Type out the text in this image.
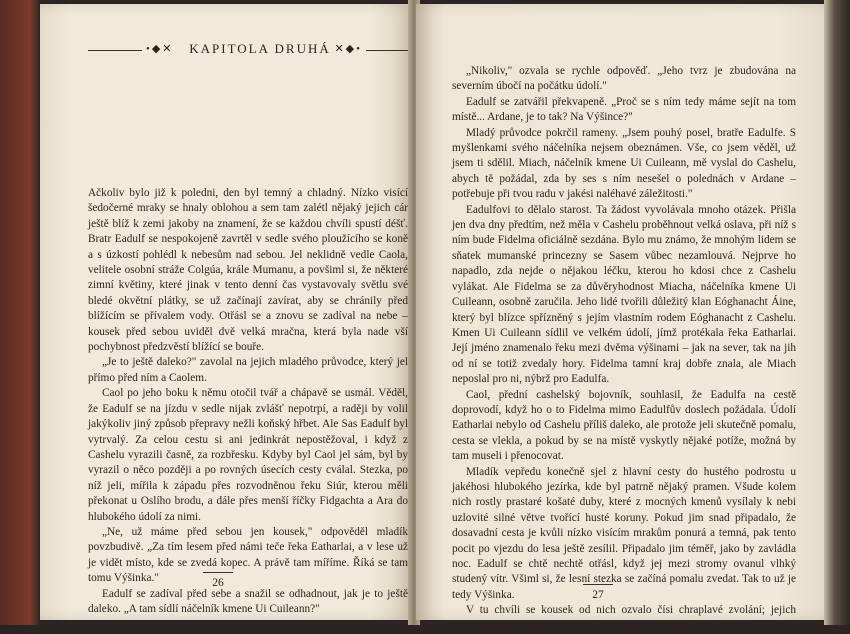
•◆✕	KAPITOLA DRUHÁ ✕◆•

Ačkoliv bylo již k poledni, den byl temný a chladný. Nízko visící šedočerné mraky se hnaly oblohou a sem tam zalétl nějaký jejich cár ještě blíž k zemi jakoby na znamení, že se každou chvíli spustí déšť. Bratr Eadulf se nespokojeně zavrtěl v sedle svého ploužícího se koně a s úzkostí pohlédl k nebesům nad sebou. Jel neklidně vedle Caola, velitele osobní stráže Colgúa, krále Mumanu, a povšiml si, že některé zimní květiny, které jinak v tento denní čas vystavovaly světlu své bledé okvětní plátky, se už začínají zavírat, aby se chránily před blížícím se přívalem vody. Otřásl se a znovu se zadíval na nebe – kousek před sebou uviděl dvě velká mračna, která byla nade vší pochybnost předzvěstí blížící se bouře.

„Je to ještě daleko?" zavolal na jejich mladého průvodce, který jel přímo před ním a Caolem.

Caol po jeho boku k němu otočil tvář a chápavě se usmál. Věděl, že Eadulf se na jízdu v sedle nijak zvlášť nepotrpí, a raději by volil jakýkoliv jiný způsob přepravy nežli koňský hřbet. Ale Sas Eadulf byl vytrvalý. Za celou cestu si ani jedinkrát nepostěžoval, i když z Cashelu vyrazili časně, za rozbřesku. Kdyby byl Caol jel sám, byl by vyrazil o něco později a po rovných úsecích cesty cválal. Stezka, po níž jeli, mířila k západu přes rozvodněnou řeku Siúr, kterou měli překonat u Oslího brodu, a dále přes menší říčky Fidgachta a Ara do hlubokého údolí za nimi.

„Ne, už máme před sebou jen kousek," odpověděl mladík povzbudivě. „Za tím lesem před námi teče řeka Eatharlai, a v lese už je vidět místo, kde se zvedá kopec. A právě tam míříme. Říká se tam tomu Výšinka."

Eadulf se zadíval před sebe a snažil se odhadnout, jak je to ještě daleko. „A tam sídlí náčelník kmene Ui Cuileann?"

26

„Nikoliv," ozvala se rychle odpověď. „Jeho tvrz je zbudována na severním úbočí na počátku údolí."

Eadulf se zatvářil překvapeně. „Proč se s ním tedy máme sejít na tom místě... Ardane, je to tak? Na Výšince?"

Mladý průvodce pokrčil rameny. „Jsem pouhý posel, bratře Eadulfe. S myšlenkami svého náčelníka nejsem obeznámen. Vše, co jsem věděl, už jsem ti sdělil. Miach, náčelník kmene Ui Cuileann, mě vyslal do Cashelu, abych tě požádal, zda by ses s ním nesešel o polednách v Ardane – potřebuje při tvou radu v jakési naléhavé záležitosti."

Eadulfovi to dělalo starost. Ta žádost vyvolávala mnoho otázek. Přišla jen dva dny předtím, než měla v Cashelu proběhnout velká oslava, při níž s ním bude Fidelma oficiálně sezdána. Bylo mu známo, že mnohým lidem se sňatek mumanské princezny se Sasem vůbec nezamlouvá. Nejprve ho napadlo, zda nejde o nějakou léčku, kterou ho kdosi chce z Cashelu vylákat. Ale Fidelma se za důvěryhodnost Miacha, náčelníka kmene Ui Cuileann, osobně zaručila. Jeho lidé tvořili důležitý klan Eóghanacht Áine, který byl blízce spřízněný s jejím vlastním rodem Eóghanacht z Cashelu. Kmen Ui Cuileann sídlil ve velkém údolí, jímž protékala řeka Eatharlai. Její jméno znamenalo řeku mezi dvěma výšinami – jak na sever, tak na jih od ní se totiž zvedaly hory. Fidelma tamní kraj dobře znala, ale Miach neposlal pro ni, nýbrž pro Eadulfa.

Caol, přední cashelský bojovník, souhlasil, že Eadulfa na cestě doprovodí, když ho o to Fidelma mimo Eadulfův doslech požádala. Údolí Eatharlai nebylo od Cashelu příliš daleko, ale protože jeli skutečně pomalu, cesta se vlekla, a pokud by se na místě vyskytly nějaké potíže, možná by tam museli i přenocovat.

Mladík vepředu konečně sjel z hlavní cesty do hustého podrostu u jakéhosi hlubokého jezírka, kde byl patrně nějaký pramen. Všude kolem nich rostly prastaré košaté duby, které z mocných kmenů vysílaly k nebi uzlovité silné větve tvořící husté koruny. Pokud jim snad připadalo, že dosavadní cesta je kvůli nízko visícím mrakům ponurá a temná, pak tento pocit po vjezdu do lesa ještě zesílil. Připadalo jim téměř, jako by zavládla noc. Eadulf se chtě nechtě otřásl, když jej mezi stromy ovanul vlhký studený vítr. Všiml si, že lesní stezka se začíná pomalu zvedat. Tak to už je tedy Výšinka.

V tu chvíli se kousek od nich ozvalo čísi chraplavé zvolání; jejich průvodce okamžitě zastavil koně a zavolal v odpověď. Za

27
